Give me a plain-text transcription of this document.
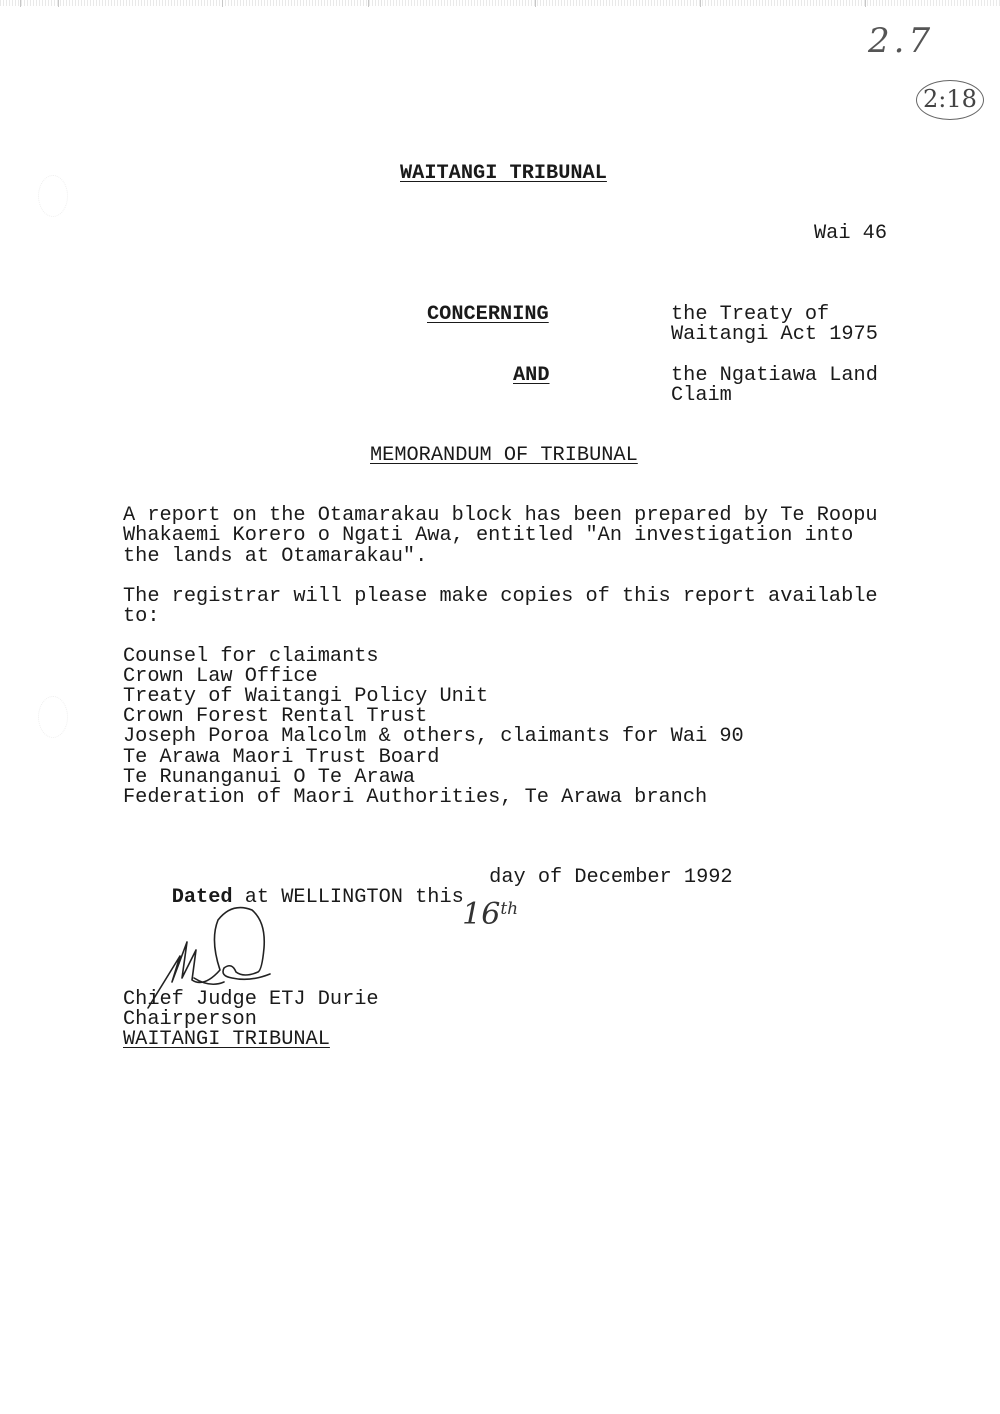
2.7
2:18
WAITANGI TRIBUNAL
Wai 46
CONCERNING	the Treaty of
Waitangi Act 1975
AND	the Ngatiawa Land
Claim
MEMORANDUM OF TRIBUNAL
A report on the Otamarakau block has been prepared by Te Roopu
Whakaemi Korero o Ngati Awa, entitled "An investigation into
the lands at Otamarakau".
The registrar will please make copies of this report available
to:
Counsel for claimants
Crown Law Office
Treaty of Waitangi Policy Unit
Crown Forest Rental Trust
Joseph Poroa Malcolm & others, claimants for Wai 90
Te Arawa Maori Trust Board
Te Runanganui O Te Arawa
Federation of Maori Authorities, Te Arawa branch

Dated at WELLINGTON this

16th

day of December 1992
Chief Judge ETJ Durie
Chairperson
WAITANGI TRIBUNAL
